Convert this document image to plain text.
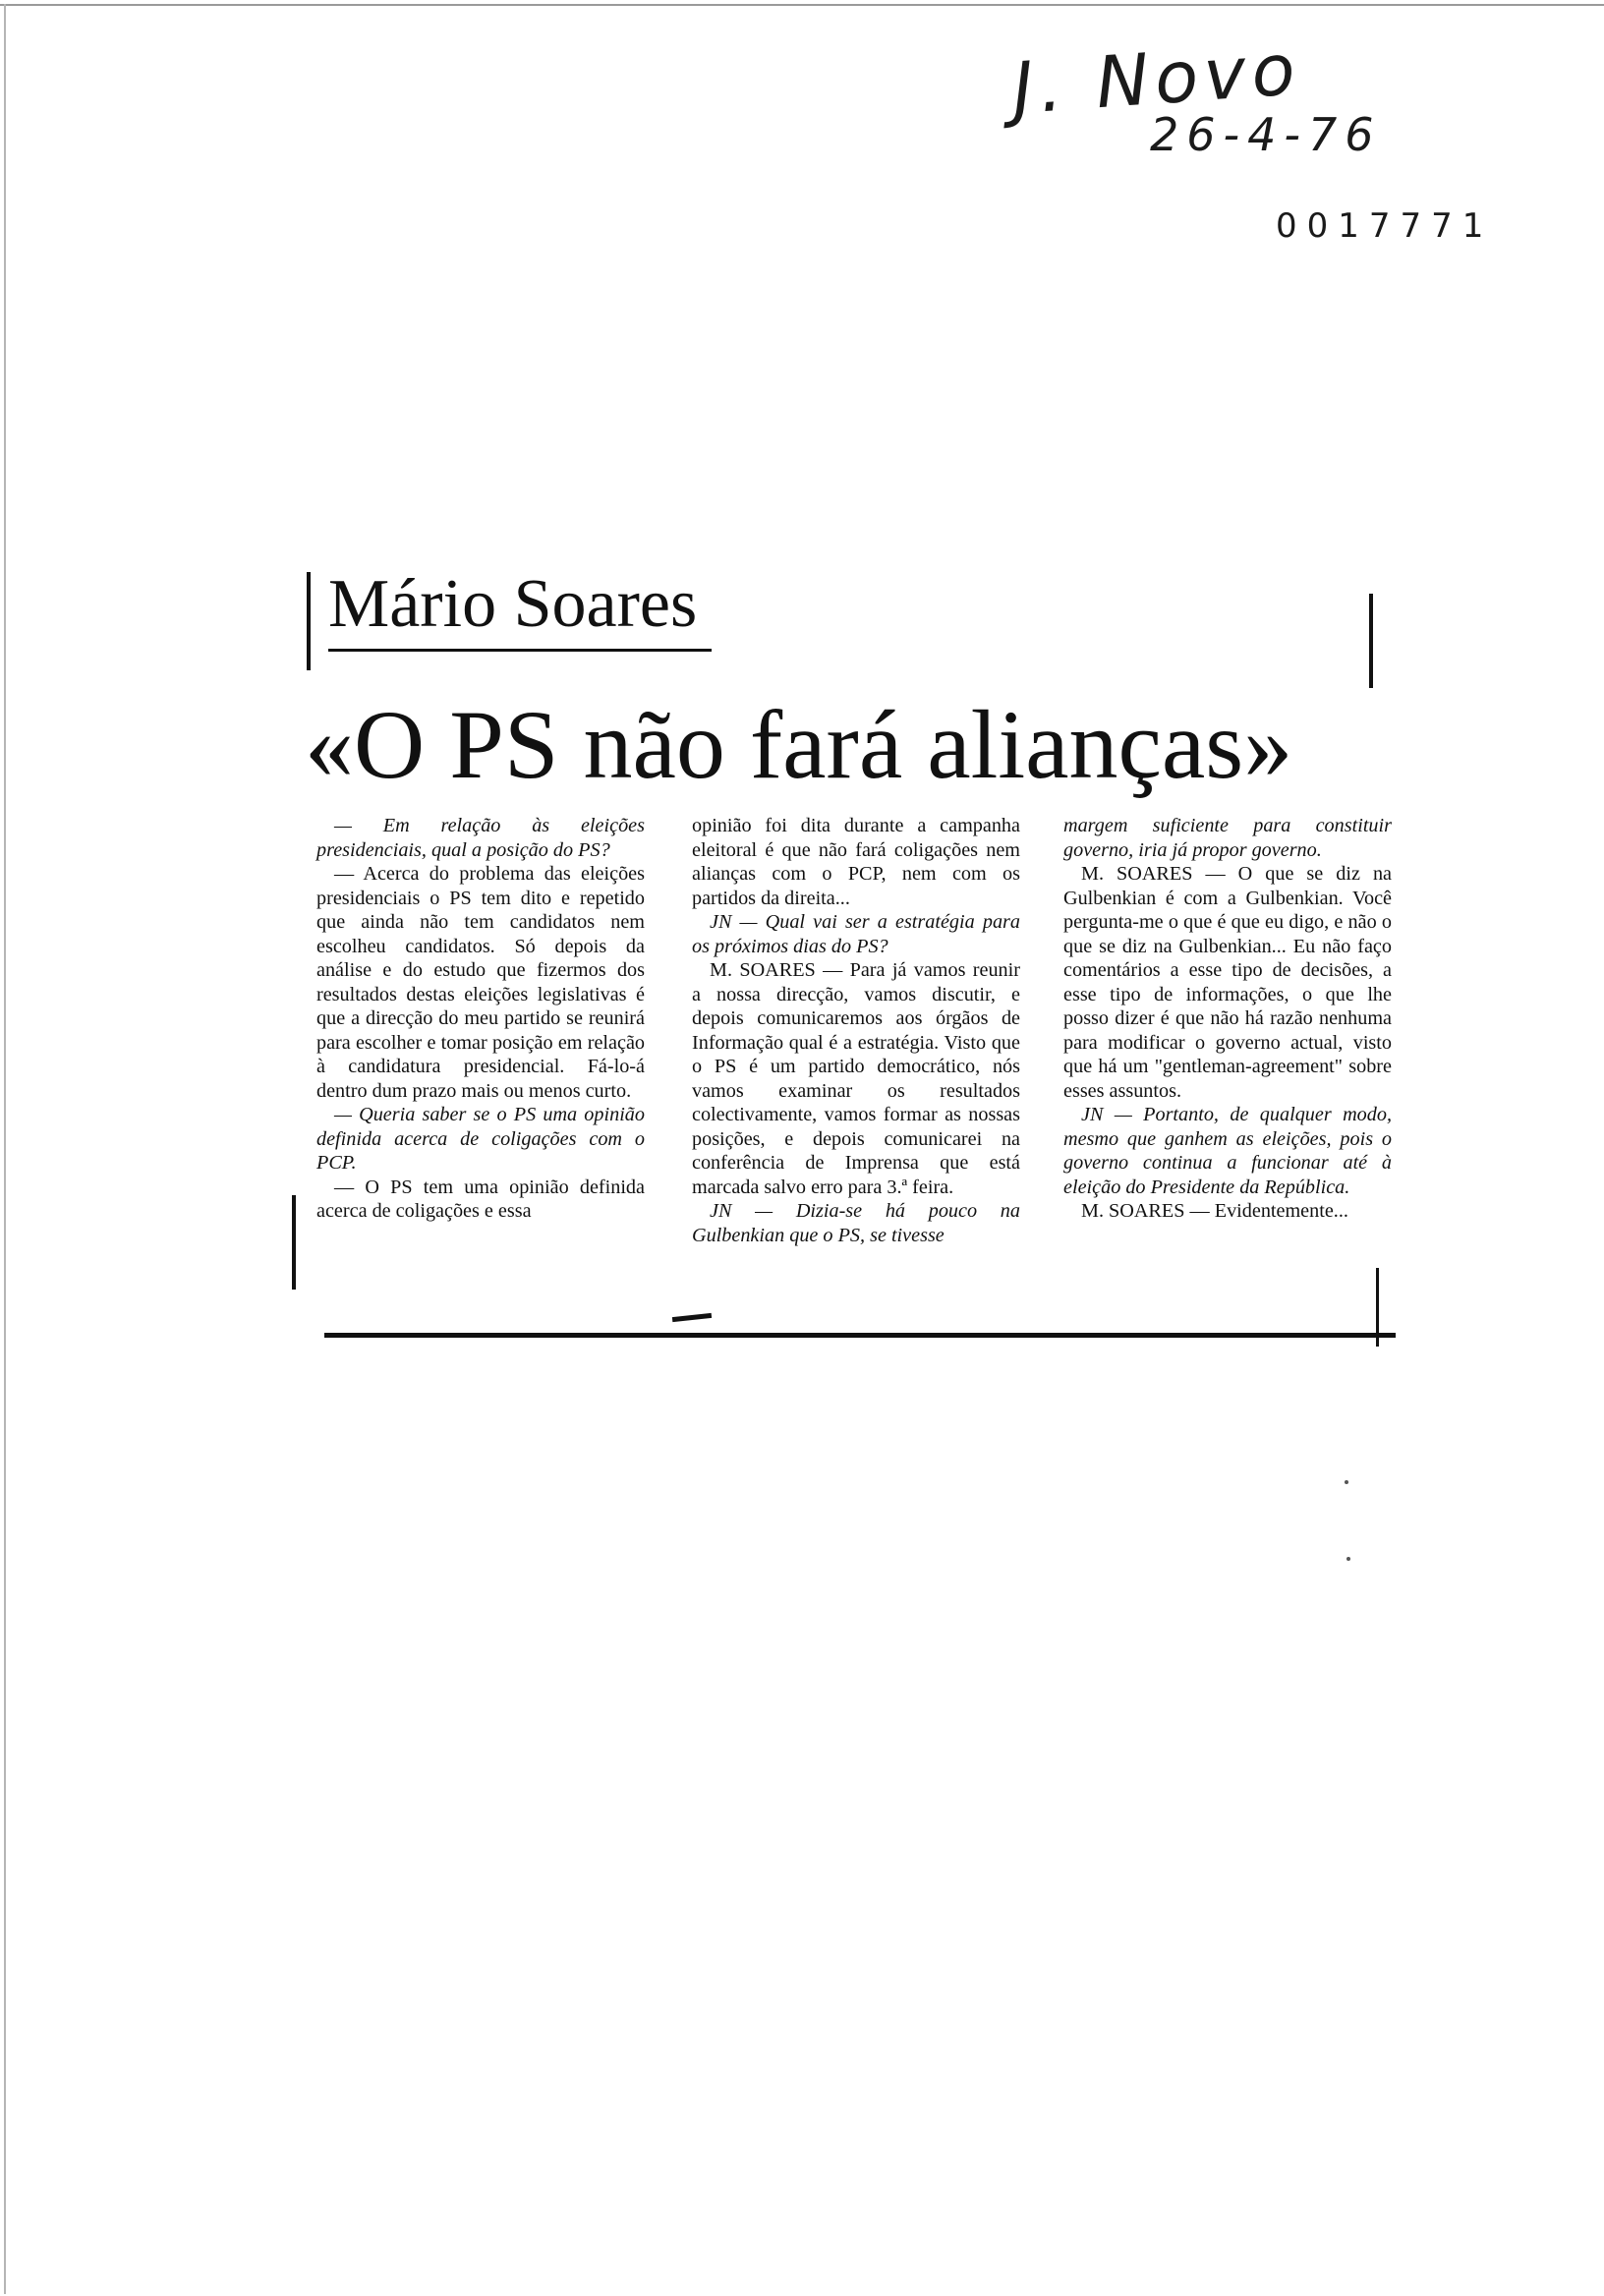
J. Novo
26-4-76
0017771
Mário Soares
«O PS não fará alianças»

— Em relação às eleições presidenciais, qual a posição do PS?

— Acerca do problema das eleições presidenciais o PS tem dito e repetido que ainda não tem candidatos nem escolheu candidatos. Só depois da análise e do estudo que fizermos dos resultados destas eleições legislativas é que a direcção do meu partido se reunirá para escolher e tomar posição em relação à candidatura presidencial. Fá-lo-á dentro dum prazo mais ou menos curto.

— Queria saber se o PS uma opinião definida acerca de coligações com o PCP.

— O PS tem uma opinião definida acerca de coligações e essa

opinião foi dita durante a campanha eleitoral é que não fará coligações nem alianças com o PCP, nem com os partidos da direita...

JN — Qual vai ser a estratégia para os próximos dias do PS?

M. SOARES — Para já vamos reunir a nossa direcção, vamos discutir, e depois comunicaremos aos órgãos de Informação qual é a estratégia. Visto que o PS é um partido democrático, nós vamos examinar os resultados colectivamente, vamos formar as nossas posições, e depois comunicarei na conferência de Imprensa que está marcada salvo erro para 3.ª feira.

JN — Dizia-se há pouco na Gulbenkian que o PS, se tivesse

margem suficiente para constituir governo, iria já propor governo.

M. SOARES — O que se diz na Gulbenkian é com a Gulbenkian. Você pergunta-me o que é que eu digo, e não o que se diz na Gulbenkian... Eu não faço comentários a esse tipo de decisões, a esse tipo de informações, o que lhe posso dizer é que não há razão nenhuma para modificar o governo actual, visto que há um "gentleman-agreement" sobre esses assuntos.

JN — Portanto, de qualquer modo, mesmo que ganhem as eleições, pois o governo continua a funcionar até à eleição do Presidente da República.

M. SOARES — Evidentemente...
